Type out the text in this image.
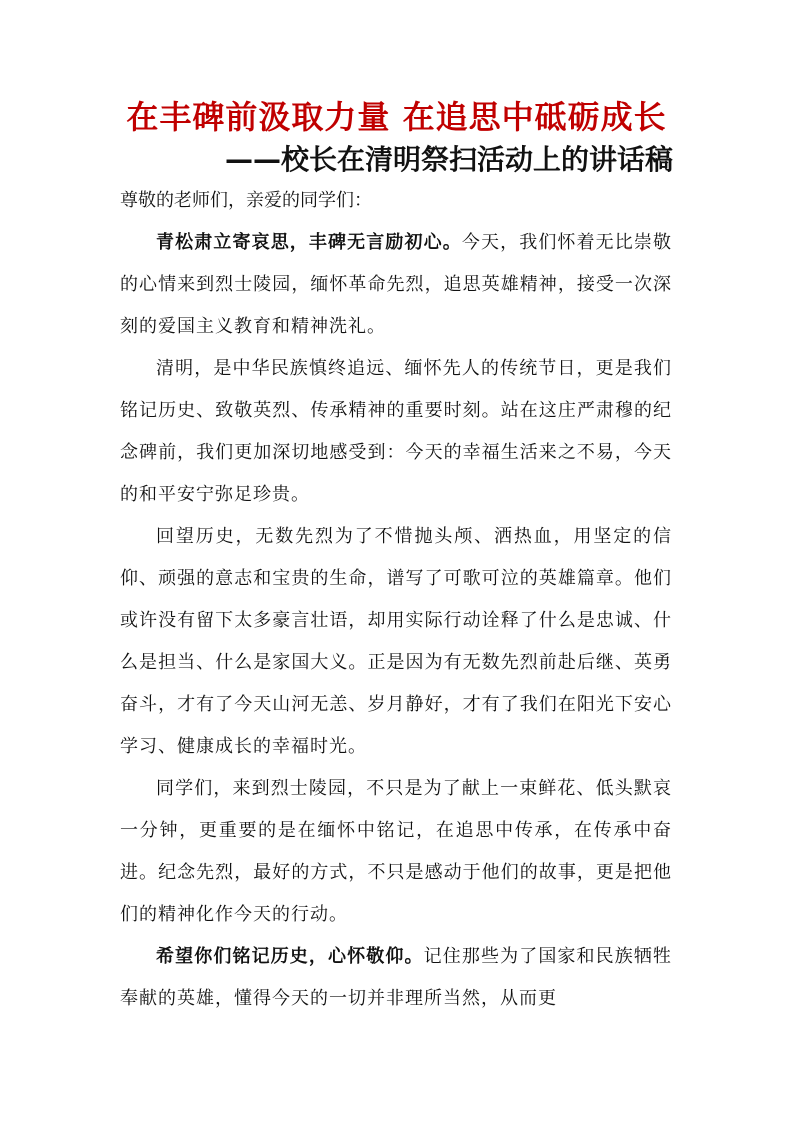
在丰碑前汲取力量 在追思中砥砺成长
——校长在清明祭扫活动上的讲话稿

尊敬的老师们，亲爱的同学们：

青松肃立寄哀思，丰碑无言励初心。今天，我们怀着无比崇敬的心情来到烈士陵园，缅怀革命先烈，追思英雄精神，接受一次深刻的爱国主义教育和精神洗礼。

清明，是中华民族慎终追远、缅怀先人的传统节日，更是我们铭记历史、致敬英烈、传承精神的重要时刻。站在这庄严肃穆的纪念碑前，我们更加深切地感受到：今天的幸福生活来之不易，今天的和平安宁弥足珍贵。

回望历史，无数先烈为了不惜抛头颅、洒热血，用坚定的信仰、顽强的意志和宝贵的生命，谱写了可歌可泣的英雄篇章。他们或许没有留下太多豪言壮语，却用实际行动诠释了什么是忠诚、什么是担当、什么是家国大义。正是因为有无数先烈前赴后继、英勇奋斗，才有了今天山河无恙、岁月静好，才有了我们在阳光下安心学习、健康成长的幸福时光。

同学们，来到烈士陵园，不只是为了献上一束鲜花、低头默哀一分钟，更重要的是在缅怀中铭记，在追思中传承，在传承中奋进。纪念先烈，最好的方式，不只是感动于他们的故事，更是把他们的精神化作今天的行动。

希望你们铭记历史，心怀敬仰。记住那些为了国家和民族牺牲奉献的英雄，懂得今天的一切并非理所当然，从而更
